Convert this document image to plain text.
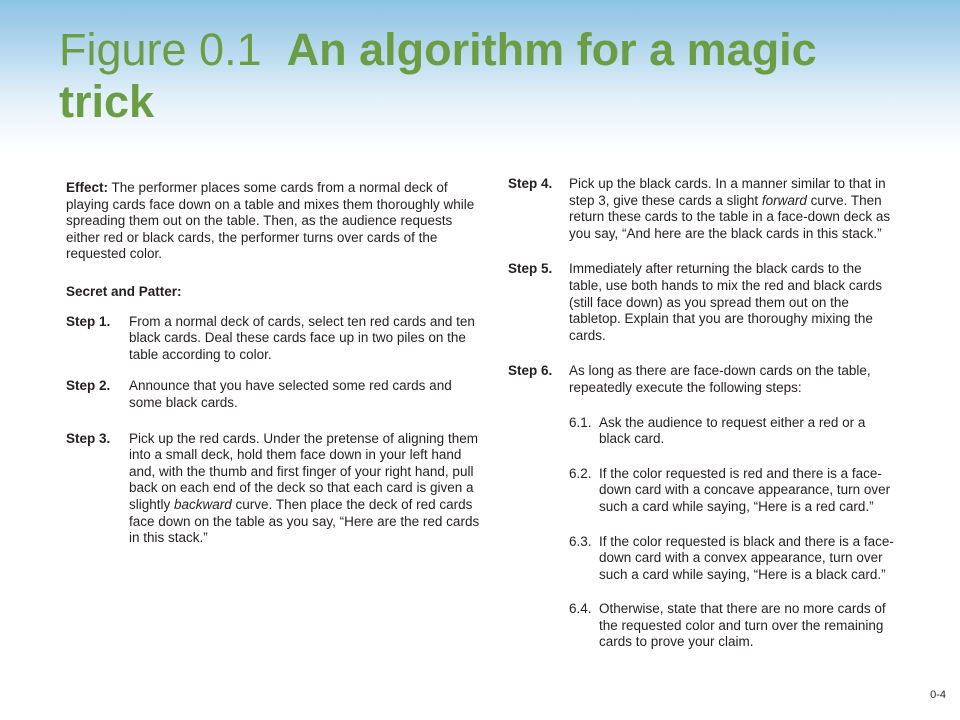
Figure 0.1 An algorithm for a magic trick

Effect: The performer places some cards from a normal deck of playing cards face down on a table and mixes them thoroughly while spreading them out on the table. Then, as the audience requests either red or black cards, the performer turns over cards of the requested color.

Secret and Patter:
Step 1.	From a normal deck of cards, select ten red cards and ten black cards. Deal these cards face up in two piles on the table according to color.
Step 2.	Announce that you have selected some red cards and some black cards.
Step 3.	Pick up the red cards. Under the pretense of aligning them into a small deck, hold them face down in your left hand and, with the thumb and first finger of your right hand, pull back on each end of the deck so that each card is given a slightly backward curve. Then place the deck of red cards face down on the table as you say, “Here are the red cards in this stack.”
Step 4.	Pick up the black cards. In a manner similar to that in step 3, give these cards a slight forward curve. Then return these cards to the table in a face-down deck as you say, “And here are the black cards in this stack.”
Step 5.	Immediately after returning the black cards to the table, use both hands to mix the red and black cards (still face down) as you spread them out on the tabletop. Explain that you are thoroughy mixing the cards.
Step 6.	As long as there are face-down cards on the table, repeatedly execute the following steps:
6.1. Ask the audience to request either a red or a black card.
6.2. If the color requested is red and there is a face-down card with a concave appearance, turn over such a card while saying, “Here is a red card.”
6.3. If the color requested is black and there is a face-down card with a convex appearance, turn over such a card while saying, “Here is a black card.”
6.4. Otherwise, state that there are no more cards of the requested color and turn over the remaining cards to prove your claim.
0-4
